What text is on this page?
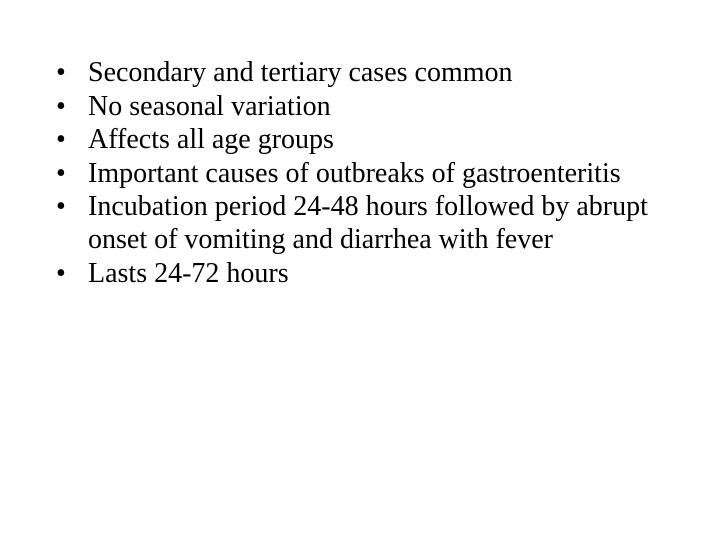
• Secondary and tertiary cases common
• No seasonal variation
• Affects all age groups
• Important causes of outbreaks of gastroenteritis
• Incubation period 24-48 hours followed by abrupt onset of vomiting and diarrhea with fever
• Lasts 24-72 hours
